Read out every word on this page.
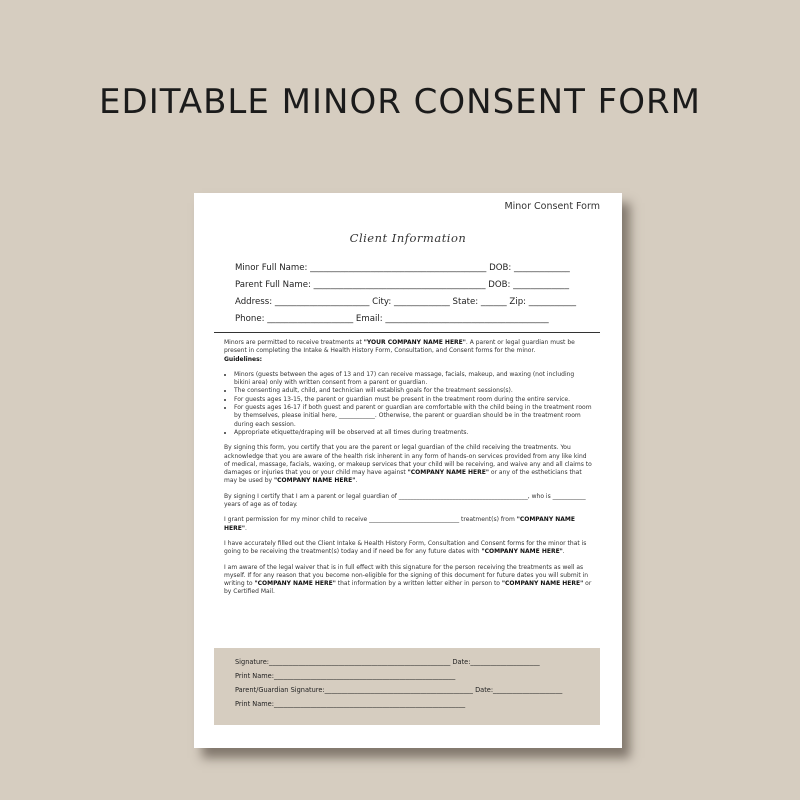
EDITABLE MINOR CONSENT FORM
Minor Consent Form
Client Information
Minor Full Name: _________________________________________ DOB: _____________
Parent Full Name: ________________________________________ DOB: _____________
Address: ______________________ City: _____________ State: ______ Zip: ___________
Phone: ____________________ Email: ______________________________________

Minors are permitted to receive treatments at "YOUR COMPANY NAME HERE". A parent or legal guardian must be present in completing the Intake & Health History Form, Consultation, and Consent forms for the minor.
Guidelines:

• Minors (guests between the ages of 13 and 17) can receive massage, facials, makeup, and waxing (not including bikini area) only with written consent from a parent or guardian.
• The consenting adult, child, and technician will establish goals for the treatment sessions(s).
• For guests ages 13-15, the parent or guardian must be present in the treatment room during the entire service.
• For guests ages 16-17 if both guest and parent or guardian are comfortable with the child being in the treatment room by themselves, please initial here, ____________. Otherwise, the parent or guardian should be in the treatment room during each session.
• Appropriate etiquette/draping will be observed at all times during treatments.

By signing this form, you certify that you are the parent or legal guardian of the child receiving the treatments. You acknowledge that you are aware of the health risk inherent in any form of hands-on services provided from any like kind of medical, massage, facials, waxing, or makeup services that your child will be receiving, and waive any and all claims to damages or injuries that you or your child may have against "COMPANY NAME HERE" or any of the estheticians that may be used by "COMPANY NAME HERE".

By signing I certify that I am a parent or legal guardian of ___________________________________________, who is ___________ years of age as of today.

I grant permission for my minor child to receive ______________________________ treatment(s) from "COMPANY NAME HERE".

I have accurately filled out the Client Intake & Health History Form, Consultation and Consent forms for the minor that is going to be receiving the treatment(s) today and if need be for any future dates with "COMPANY NAME HERE".

I am aware of the legal waiver that is in full effect with this signature for the person receiving the treatments as well as myself. If for any reason that you become non-eligible for the signing of this document for future dates you will submit in writing to "COMPANY NAME HERE" that information by a written letter either in person to "COMPANY NAME HERE" or by Certified Mail.

Signature:_______________________________________________________ Date:_____________________
Print Name:_______________________________________________________
Parent/Guardian Signature:_____________________________________________ Date:_____________________
Print Name:__________________________________________________________
